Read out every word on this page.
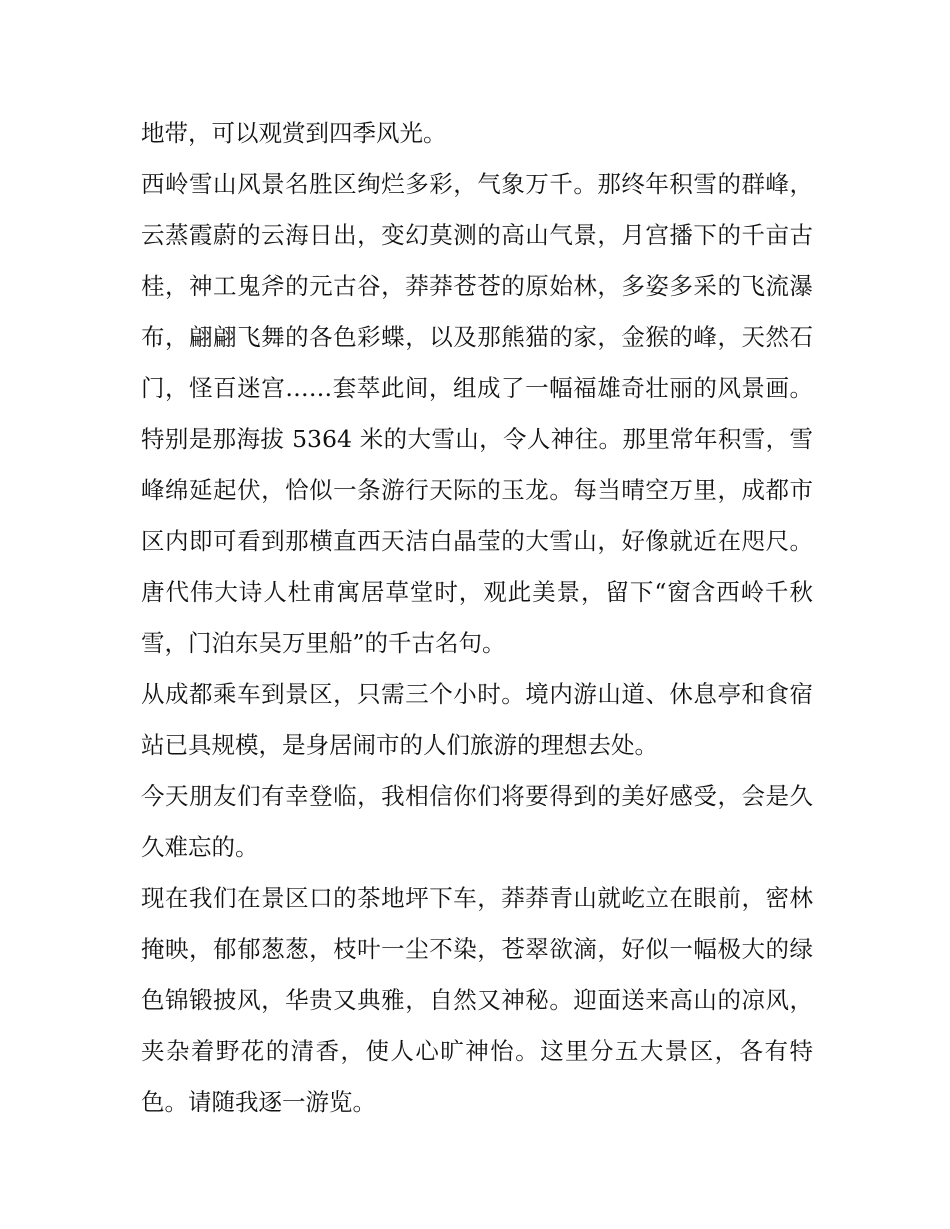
地带，可以观赏到四季风光。

西岭雪山风景名胜区绚烂多彩，气象万千。那终年积雪的群峰，云蒸霞蔚的云海日出，变幻莫测的高山气景，月宫播下的千亩古桂，神工鬼斧的元古谷，莽莽苍苍的原始林，多姿多采的飞流瀑布，翩翩飞舞的各色彩蝶，以及那熊猫的家，金猴的峰，天然石门，怪百迷宫……套萃此间，组成了一幅福雄奇壮丽的风景画。特别是那海拔 5364 米的大雪山，令人神往。那里常年积雪，雪峰绵延起伏，恰似一条游行天际的玉龙。每当晴空万里，成都市区内即可看到那横直西天洁白晶莹的大雪山，好像就近在咫尺。唐代伟大诗人杜甫寓居草堂时，观此美景，留下“窗含西岭千秋雪，门泊东吴万里船”的千古名句。

从成都乘车到景区，只需三个小时。境内游山道、休息亭和食宿站已具规模，是身居闹市的人们旅游的理想去处。

今天朋友们有幸登临，我相信你们将要得到的美好感受，会是久久难忘的。

现在我们在景区口的茶地坪下车，莽莽青山就屹立在眼前，密林掩映，郁郁葱葱，枝叶一尘不染，苍翠欲滴，好似一幅极大的绿色锦锻披风，华贵又典雅，自然又神秘。迎面送来高山的凉风，夹杂着野花的清香，使人心旷神怡。这里分五大景区，各有特色。请随我逐一游览。
